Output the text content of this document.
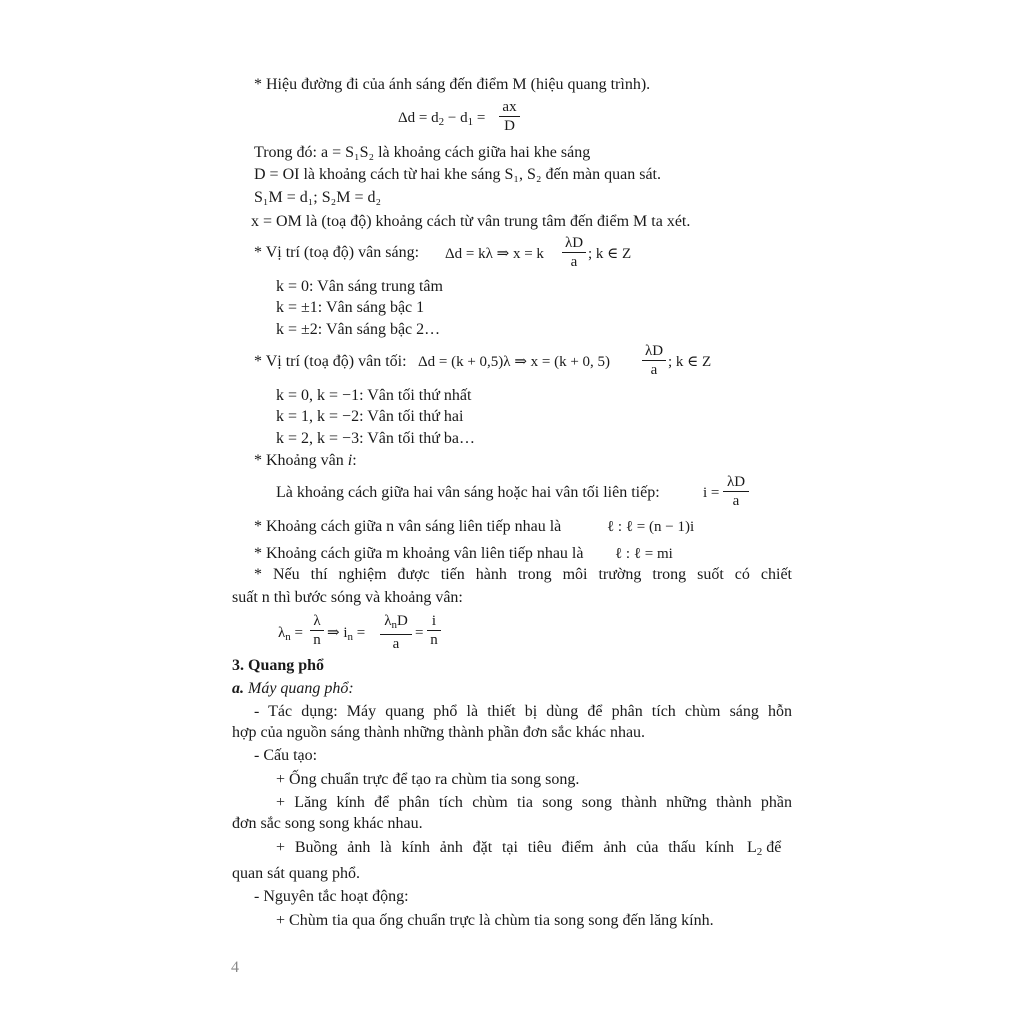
* Hiệu đường đi của ánh sáng đến điểm M (hiệu quang trình).
$\Delta d = d_2 - d_1$ =
ax
D
Trong đó: a = S₁S₂ là khoảng cách giữa hai khe sáng
D = OI là khoảng cách từ hai khe sáng S₁, S₂ đến màn quan sát.
S₁M = d₁; S₂M = d₂
x = OM là (toạ độ) khoảng cách từ vân trung tâm đến điểm M ta xét.
* Vị trí (toạ độ) vân sáng: Δd = kλ ⇒ x = k
λD
a ; k ∈ Z
k = 0: Vân sáng trung tâm
k = ±1: Vân sáng bậc 1
k = ±2: Vân sáng bậc 2…
* Vị trí (toạ độ) vân tối: Δd = (k + 0,5)λ ⇒ x = (k + 0, 5)
λD
a ; k ∈ Z
k = 0, k = −1: Vân tối thứ nhất
k = 1, k = −2: Vân tối thứ hai
k = 2, k = −3: Vân tối thứ ba…
* Khoảng vân i:
Là khoảng cách giữa hai vân sáng hoặc hai vân tối liên tiếp:	i =
λD
a
* Khoảng cách giữa n vân sáng liên tiếp nhau là	ℓ : ℓ = (n − 1)i
* Khoảng cách giữa m khoảng vân liên tiếp nhau là ℓ : ℓ = mi
* Nếu thí nghiệm được tiến hành trong môi trường trong suốt có chiết
suất n thì bước sóng và khoảng vân:
$\lambda_n$ =
λ
n ⇒ $i_n$ =
$\lambda_nD$
a
=
i
n
3. Quang phổ
a. Máy quang phổ:
- Tác dụng: Máy quang phổ là thiết bị dùng để phân tích chùm sáng hỗn
hợp của nguồn sáng thành những thành phần đơn sắc khác nhau.
- Cấu tạo:
+ Ống chuẩn trực để tạo ra chùm tia song song.
+ Lăng kính để phân tích chùm tia song song thành những thành phần
đơn sắc song song khác nhau.
+ Buồng ảnh là kính ảnh đặt tại tiêu điểm ảnh của thấu kính $L_2$ để
quan sát quang phổ.
- Nguyên tắc hoạt động:
+ Chùm tia qua ống chuẩn trực là chùm tia song song đến lăng kính.
4
